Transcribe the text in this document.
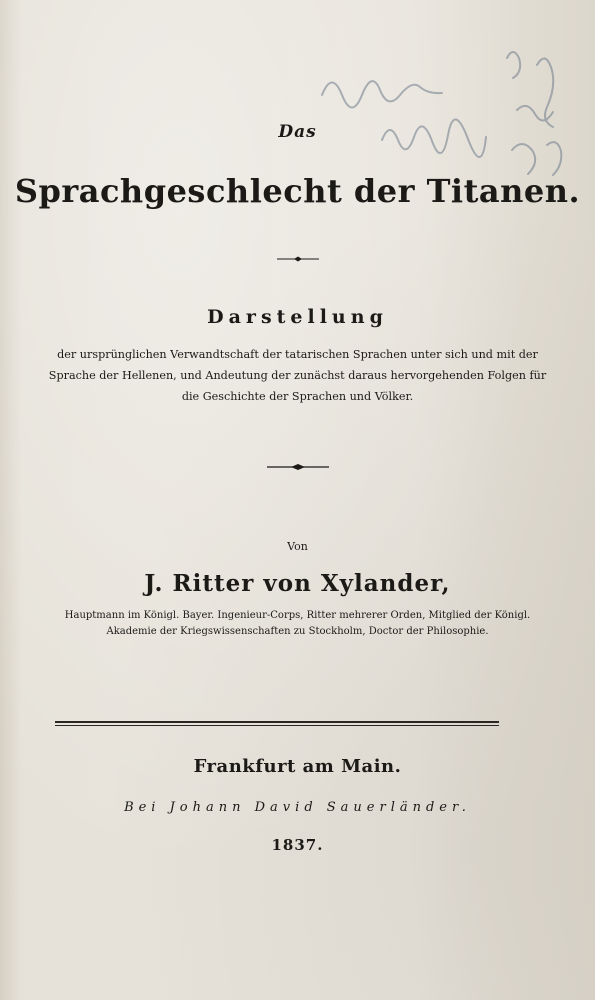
Das
Sprachgeschlecht der Titanen.
Darstellung
der ursprünglichen Verwandtschaft der tatarischen Sprachen unter sich und mit der Sprache der Hellenen, und Andeutung der zunächst daraus hervorgehenden Folgen für die Geschichte der Sprachen und Völker.
Von
J. Ritter von Xylander,
Hauptmann im Königl. Bayer. Ingenieur-Corps, Ritter mehrerer Orden, Mitglied der Königl. Akademie der Kriegswissenschaften zu Stockholm, Doctor der Philosophie.
Frankfurt am Main.
Bei Johann David Sauerländer.
1837.
